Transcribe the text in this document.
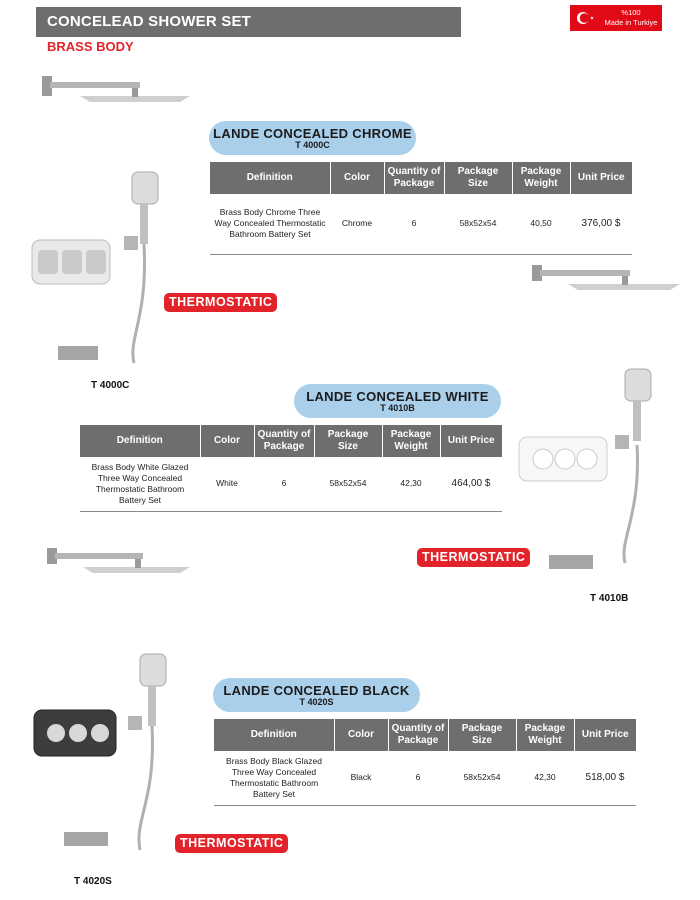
CONCELEAD SHOWER SET
BRASS BODY
%100
Made in Turkiye
T 4000C
LANDE CONCEALED CHROME
T 4000C
Definition	Color	Quantity of Package	Package Size	Package Weight	Unit Price
Brass Body Chrome Three Way Concealed Thermostatic Bathroom Battery Set	Chrome	6	58x52x54	40,50	376,00 $
THERMOSTATIC
LANDE CONCEALED WHITE
T 4010B
Definition	Color	Quantity of Package	Package Size	Package Weight	Unit Price
Brass Body White Glazed Three Way Concealed Thermostatic Bathroom Battery Set	White	6	58x52x54	42,30	464,00 $
T 4010B
THERMOSTATIC
T 4020S
LANDE CONCEALED BLACK
T 4020S
Definition	Color	Quantity of Package	Package Size	Package Weight	Unit Price
Brass Body Black Glazed Three Way Concealed Thermostatic Bathroom Battery Set	Black	6	58x52x54	42,30	518,00 $
THERMOSTATIC
